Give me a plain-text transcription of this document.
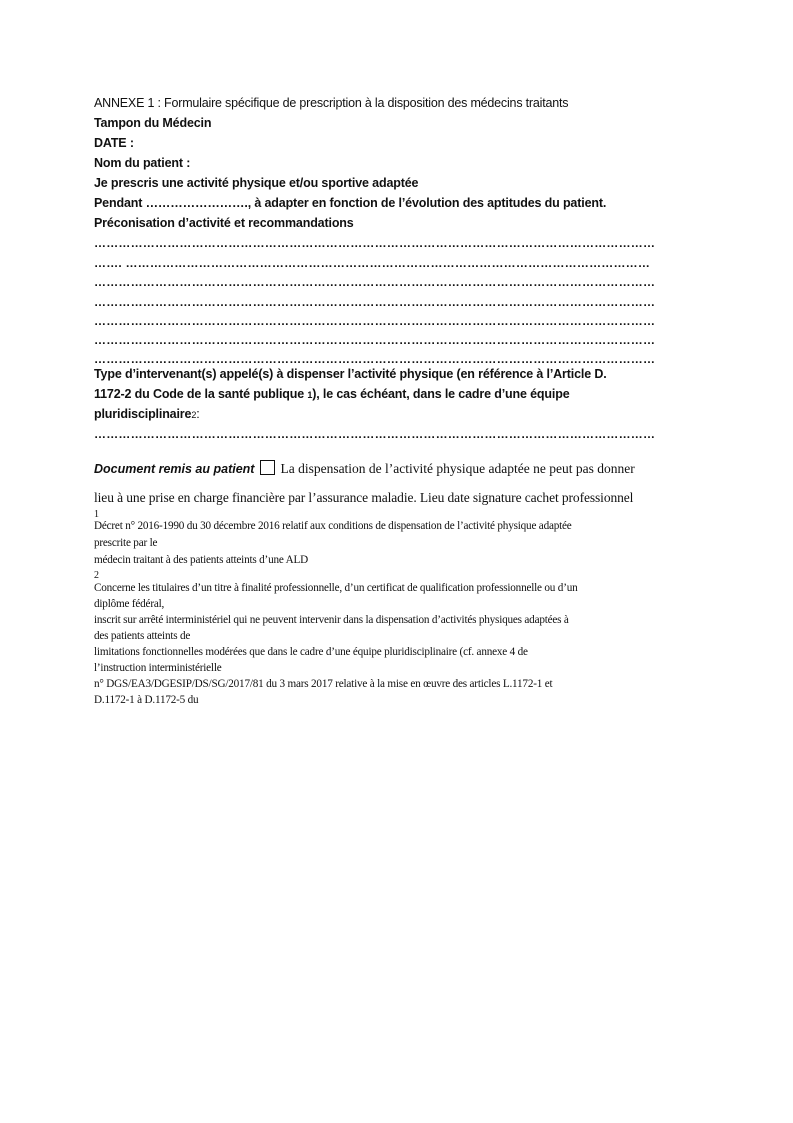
ANNEXE 1 : Formulaire spécifique de prescription à la disposition des médecins traitants
Tampon du Médecin
DATE :
Nom du patient :
Je prescris une activité physique et/ou sportive adaptée
Pendant ……………………., à adapter en fonction de l’évolution des aptitudes du patient.
Préconisation d’activité et recommandations
…………………………………………………………………………………………………………………………
……. …………………………………………………………………………………………………………………
…………………………………………………………………………………………………………………………
…………………………………………………………………………………………………………………………
…………………………………………………………………………………………………………………………
…………………………………………………………………………………………………………………………
…………………………………………………………………………………………………………………………
Type d’intervenant(s) appelé(s) à dispenser l’activité physique (en référence à l’Article D.
1172-2 du Code de la santé publique 1), le cas échéant, dans le cadre d’une équipe
pluridisciplinaire2:
…………………………………………………………………………………………………………………………
Document remis au patient La dispensation de l’activité physique adaptée ne peut pas donner
lieu à une prise en charge financière par l’assurance maladie. Lieu date signature cachet professionnel
1
Décret n° 2016-1990 du 30 décembre 2016 relatif aux conditions de dispensation de l’activité physique adaptée
prescrite par le
médecin traitant à des patients atteints d’une ALD
2
Concerne les titulaires d’un titre à finalité professionnelle, d’un certificat de qualification professionnelle ou d’un
diplôme fédéral,
inscrit sur arrêté interministériel qui ne peuvent intervenir dans la dispensation d’activités physiques adaptées à
des patients atteints de
limitations fonctionnelles modérées que dans le cadre d’une équipe pluridisciplinaire (cf. annexe 4 de
l’instruction interministérielle
n° DGS/EA3/DGESIP/DS/SG/2017/81 du 3 mars 2017 relative à la mise en œuvre des articles L.1172-1 et
D.1172-1 à D.1172-5 du
